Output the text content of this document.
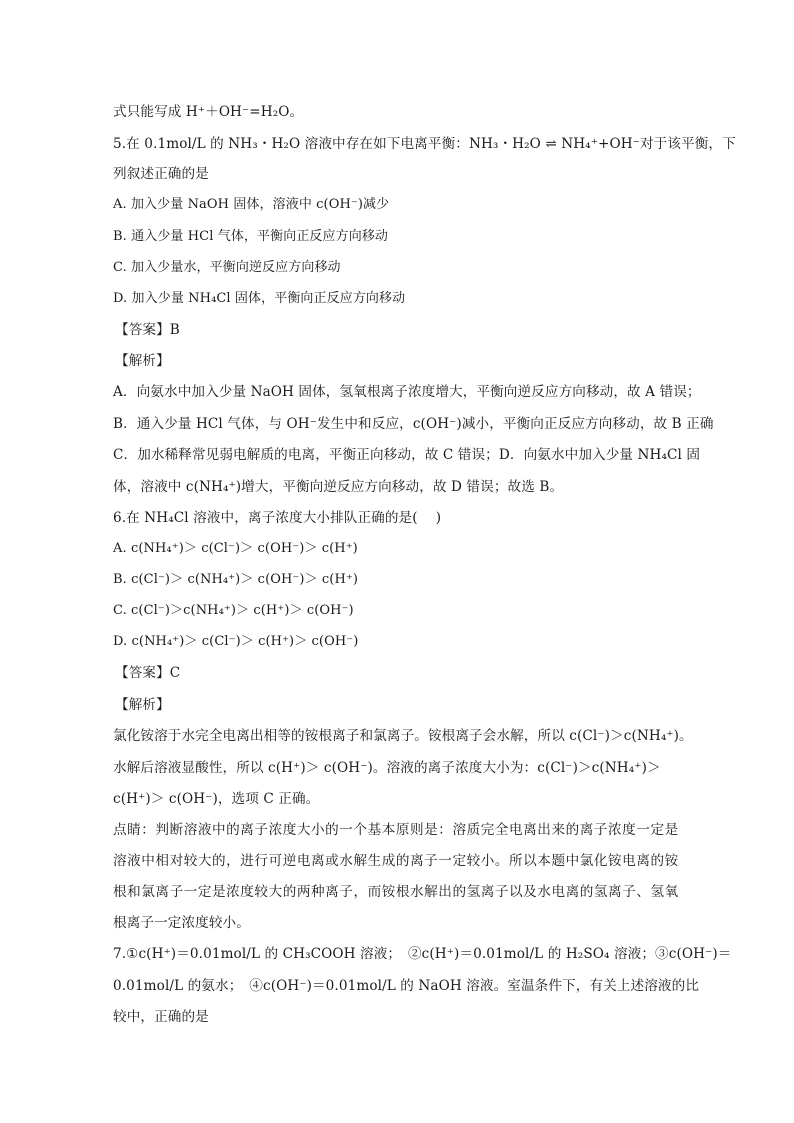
式只能写成 H⁺＋OH⁻=H₂O。
5.在 0.1mol/L 的 NH₃・H₂O 溶液中存在如下电离平衡：NH₃・H₂O ⇌ NH₄⁺+OH⁻对于该平衡，下
列叙述正确的是
A. 加入少量 NaOH 固体，溶液中 c(OH⁻)减少
B. 通入少量 HCl 气体，平衡向正反应方向移动
C. 加入少量水，平衡向逆反应方向移动
D. 加入少量 NH₄Cl 固体，平衡向正反应方向移动
【答案】B
【解析】
A．向氨水中加入少量 NaOH 固体，氢氧根离子浓度增大，平衡向逆反应方向移动，故 A 错误；
B．通入少量 HCl 气体，与 OH⁻发生中和反应，c(OH⁻)减小，平衡向正反应方向移动，故 B 正确
C．加水稀释常见弱电解质的电离，平衡正向移动，故 C 错误；D．向氨水中加入少量 NH₄Cl 固
体，溶液中 c(NH₄⁺)增大，平衡向逆反应方向移动，故 D 错误；故选 B。
6.在 NH₄Cl 溶液中，离子浓度大小排队正确的是(　 )
A. c(NH₄⁺)＞ c(Cl⁻)＞ c(OH⁻)＞ c(H⁺)
B. c(Cl⁻)＞ c(NH₄⁺)＞ c(OH⁻)＞ c(H⁺)
C. c(Cl⁻)＞c(NH₄⁺)＞ c(H⁺)＞ c(OH⁻)
D. c(NH₄⁺)＞ c(Cl⁻)＞ c(H⁺)＞ c(OH⁻)
【答案】C
【解析】
氯化铵溶于水完全电离出相等的铵根离子和氯离子。铵根离子会水解，所以 c(Cl⁻)＞c(NH₄⁺)。
水解后溶液显酸性，所以 c(H⁺)＞ c(OH⁻)。溶液的离子浓度大小为：c(Cl⁻)＞c(NH₄⁺)＞
c(H⁺)＞ c(OH⁻)，选项 C 正确。
点睛：判断溶液中的离子浓度大小的一个基本原则是：溶质完全电离出来的离子浓度一定是
溶液中相对较大的，进行可逆电离或水解生成的离子一定较小。所以本题中氯化铵电离的铵
根和氯离子一定是浓度较大的两种离子，而铵根水解出的氢离子以及水电离的氢离子、氢氧
根离子一定浓度较小。
7.①c(H⁺)＝0.01mol/L 的 CH₃COOH 溶液；　②c(H⁺)＝0.01mol/L 的 H₂SO₄ 溶液；③c(OH⁻)＝
0.01mol/L 的氨水；　④c(OH⁻)＝0.01mol/L 的 NaOH 溶液。室温条件下，有关上述溶液的比
较中，正确的是
